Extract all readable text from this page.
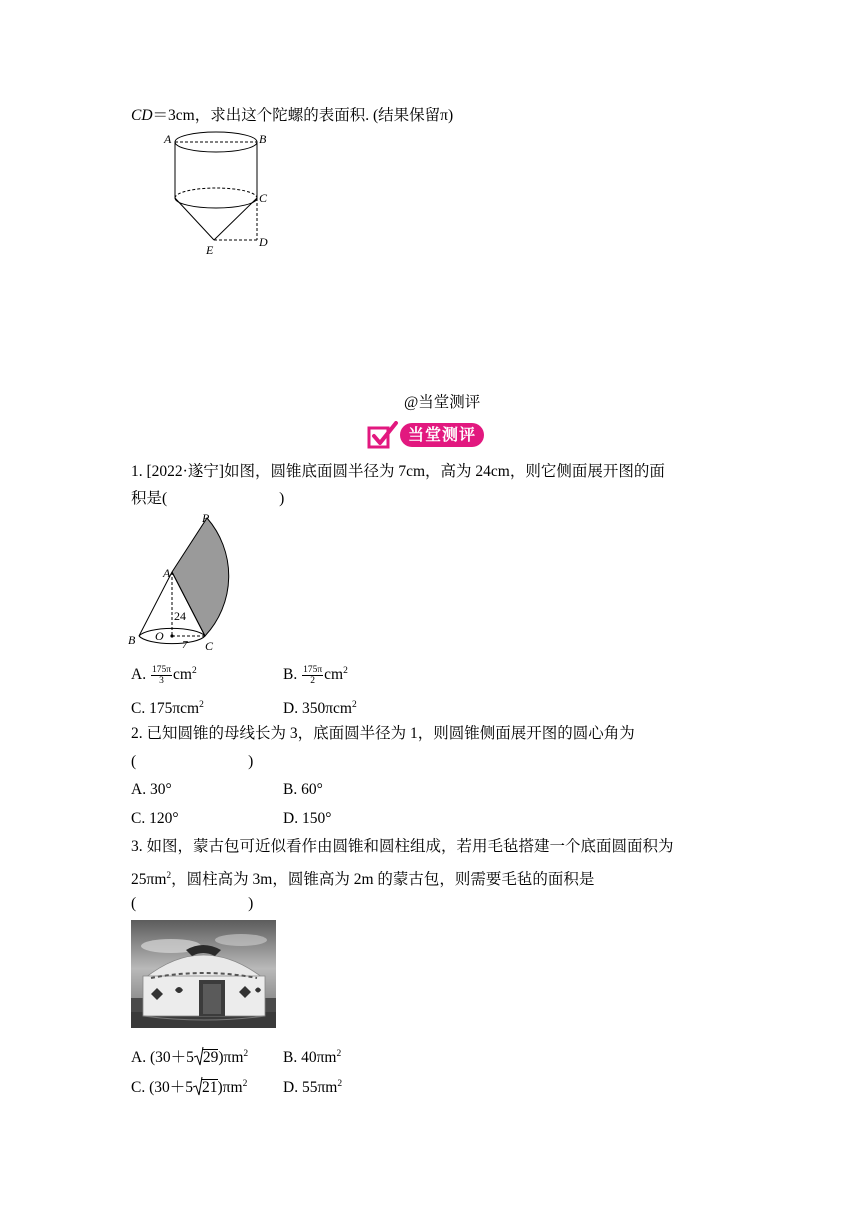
CD＝3cm，求出这个陀螺的表面积. (结果保留π)
A	B
C
D
E
@当堂测评
当堂测评
1. [2022·遂宁]如图，圆锥底面圆半径为 7cm，高为 24cm，则它侧面展开图的面
积是(	)
P
A
B O
C
24
7
A. $\frac{175\pi}{3} cm^2$	B. $\frac{175\pi}{2} cm^2$
C. 175πcm$^2$	D. 350πcm$^2$
2. 已知圆锥的母线长为 3，底面圆半径为 1，则圆锥侧面展开图的圆心角为
(	)
A. 30°	B. 60°
C. 120°	D. 150°
3. 如图，蒙古包可近似看作由圆锥和圆柱组成，若用毛毡搭建一个底面圆面积为
$25\pi m^2$，圆柱高为 3m，圆锥高为 2m 的蒙古包，则需要毛毡的面积是
(	)
A. (30＋5 $29)\pi m^2$ B. $40\pi m^2$
C. (30＋5 $21)\pi m^2$ D. $55\pi m^2$
